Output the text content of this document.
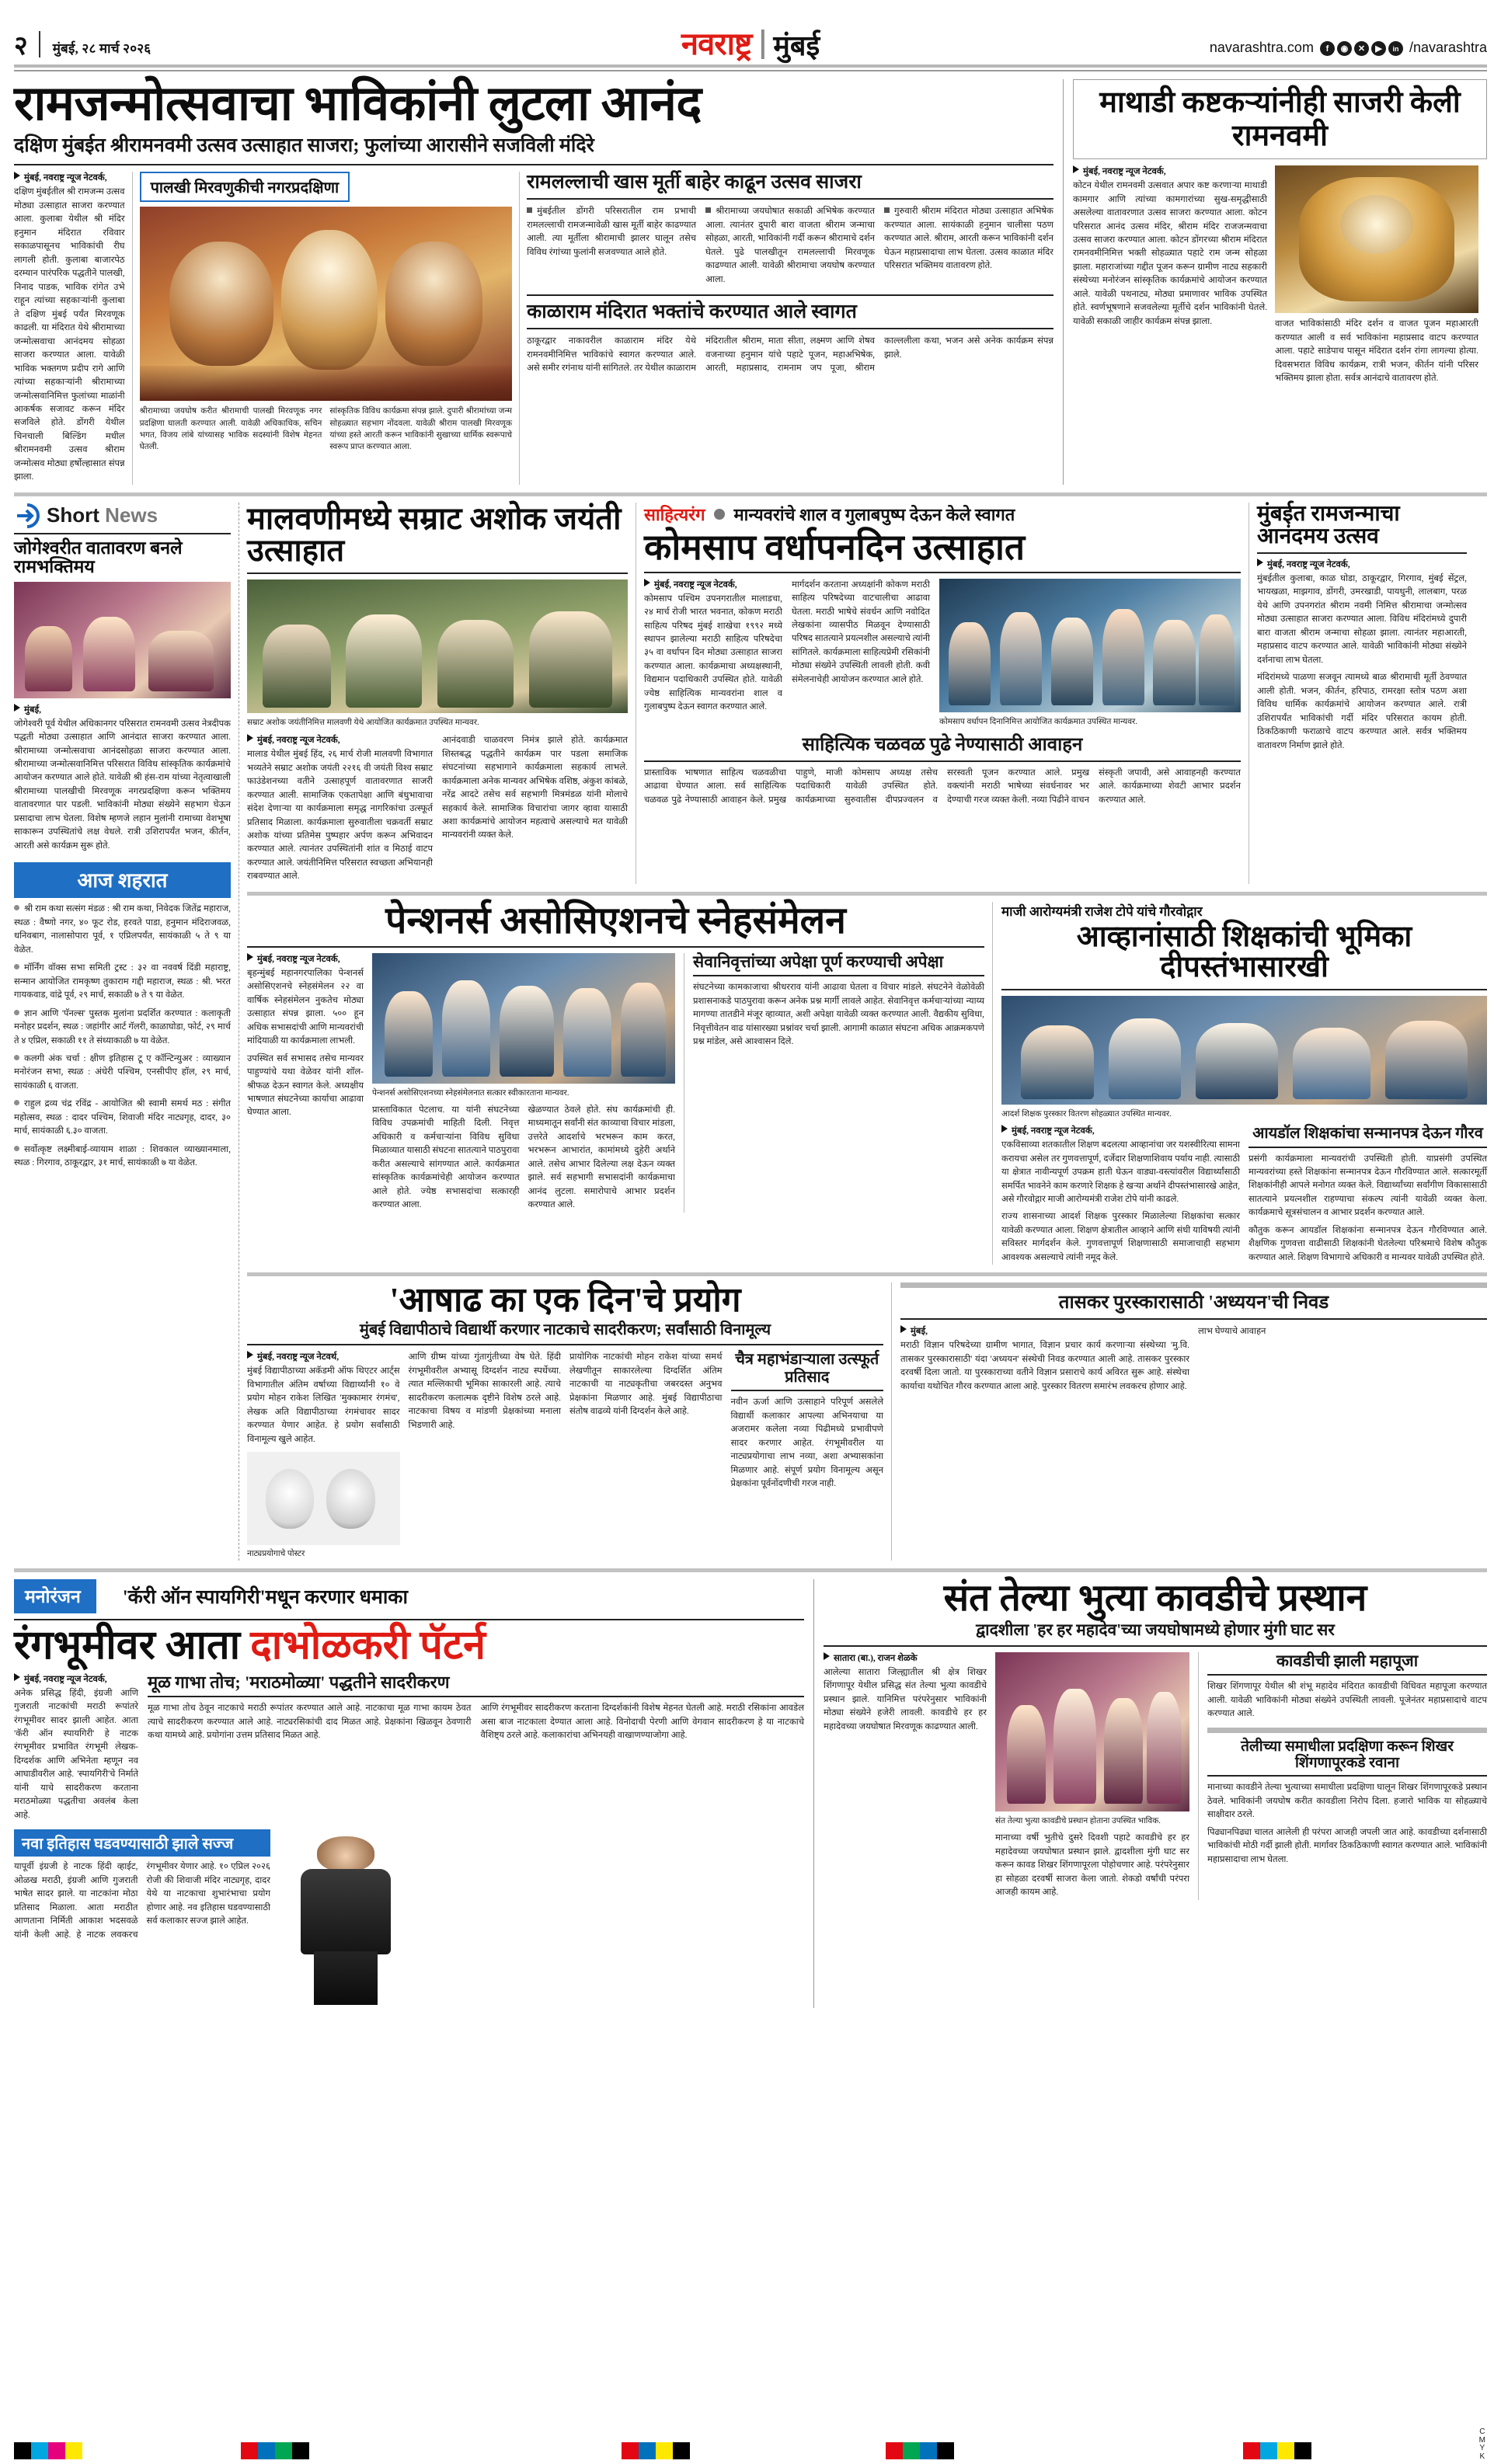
२ मुंबई, २८ मार्च २०२६	नवराष्ट्र मुंबई	navarashtra.com	f	◉	✕	▶	in /navarashtra
रामजन्मोत्सवाचा भाविकांनी लुटला आनंद
दक्षिण मुंबईत श्रीरामनवमी उत्सव उत्साहात साजरा; फुलांच्या आरासीने सजविली मंदिरे
मुंबई, नवराष्ट्र न्यूज नेटवर्क,
दक्षिण मुंबईतील श्री रामजन्म उत्सव मोठ्या उत्साहात साजरा करण्यात आला. कुलाबा येथील श्री मंदिर हनुमान मंदिरात रविवार सकाळपासूनच भाविकांची रीघ लागली होती. कुलाबा बाजारपेठ दरम्यान पारंपरिक पद्धतीने पालखी, निनाद पाडक, भाविक रांगेत उभे राहून त्यांच्या सहकाऱ्यांनी कुलाबा ते दक्षिण मुंबई पर्यंत मिरवणूक काढली. या मंदिरात येथे श्रीरामाच्या जन्मोत्सवाचा आनंदमय सोहळा साजरा करण्यात आला. यावेळी भाविक भक्तगण प्रदीप रागे आणि त्यांच्या सहकाऱ्यांनी श्रीरामाच्या जन्मोत्सवानिमित्त फुलांच्या माळांनी आकर्षक सजावट करून मंदिर सजविले होते. डोंगरी येथील चिनचाली बिल्डिंग मधील श्रीरामनवमी उत्सव श्रीराम जन्मोत्सव मोठ्या हर्षोल्हासात संपन्न झाला.
पालखी मिरवणुकीची नगरप्रदक्षिणा
श्रीरामाच्या जयघोष करीत श्रीरामाची पालखी मिरवणूक नगर प्रदक्षिणा घालती करण्यात आली. यावेळी अधिकाधिक, सचिन भगत, विजय लांबे यांच्यासह भाविक सदस्यांनी विशेष मेहनत घेतली.
सांस्कृतिक विविध कार्यक्रमा संपन्न झाले. दुपारी श्रीरामांच्या जन्म सोहळ्यात सहभाग नोंदवला. यावेळी श्रीराम पालखी मिरवणूक यांच्या हस्ते आरती करून भाविकांनी सुखाच्या धार्मिक स्वरूपाचे स्वरूप प्राप्त करण्यात आला.
रामलल्लाची खास मूर्ती बाहेर काढून उत्सव साजरा
मुंबईतील डोंगरी परिसरातील राम प्रभाची रामलल्लाची रामजन्मावेळी खास मूर्ती बाहेर काढण्यात आली. त्या मूर्तीला श्रीरामाची झालर घालून तसेच विविध रंगांच्या फुलांनी सजवण्यात आले होते.
श्रीरामाच्या जयघोषात सकाळी अभिषेक करण्यात आला. त्यानंतर दुपारी बारा वाजता श्रीराम जन्माचा सोहळा, आरती, भाविकांनी गर्दी करून श्रीरामाचे दर्शन घेतले. पुढे पालखीतून रामलल्लाची मिरवणूक काढण्यात आली. यावेळी श्रीरामाचा जयघोष करण्यात आला.
गुरुवारी श्रीराम मंदिरात मोठ्या उत्साहात अभिषेक करण्यात आला. सायंकाळी हनुमान चालीसा पठण करण्यात आले. श्रीराम, आरती करून भाविकांनी दर्शन घेऊन महाप्रसादाचा लाभ घेतला. उत्सव काळात मंदिर परिसरात भक्तिमय वातावरण होते.
काळाराम मंदिरात भक्तांचे करण्यात आले स्वागत
ठाकूरद्वार नाकावरील काळाराम मंदिर येथे रामनवमीनिमित्त भाविकांचे स्वागत करण्यात आले. असे समीर रगंनाथ यांनी सांगितले. तर येथील काळाराम मंदिरातील श्रीराम, माता सीता, लक्ष्मण आणि शेषव वजनाच्या हनुमान यांचे पहाटे पूजन, महाअभिषेक, आरती, महाप्रसाद, रामनाम जप पूजा, श्रीराम काल्ललीला कथा, भजन असे अनेक कार्यक्रम संपन्न झाले.
माथाडी कष्टकऱ्यांनीही साजरी केली रामनवमी
मुंबई, नवराष्ट्र न्यूज नेटवर्क,
कोटन येथील रामनवमी उत्सवात अपार कष्ट करणाऱ्या माथाडी कामगार आणि त्यांच्या कामगारांच्या सुख-समृद्धीसाठी असलेल्या वातावरणात उत्सव साजरा करण्यात आला. कोटन परिसरात आनंद उत्सव मंदिर, श्रीराम मंदिर राजजन्मवाचा उत्सव साजरा करण्यात आला. कोटन डोंगरच्या श्रीराम मंदिरात रामनवमीनिमित्त भक्ती सोहळ्यात पहाटे राम जन्म सोहळा झाला. महाराजांच्या गद्दीत पूजन करून ग्रामीण नाट्य सहकारी संस्थेच्या मनोरंजन सांस्कृतिक कार्यक्रमांचे आयोजन करण्यात आले. यावेळी पथनाट्य, मोठ्या प्रमाणावर भाविक उपस्थित होते. स्वर्णभूषणाने सजवलेल्या मूर्तीचे दर्शन भाविकांनी घेतले. यावेळी सकाळी जाहीर कार्यक्रम संपन्न झाला.	वाजत भाविकांसाठी मंदिर दर्शन व वाजत पूजन महाआरती करण्यात आली व सर्व भाविकांना महाप्रसाद वाटप करण्यात आला. पहाटे साडेपाच पासून मंदिरात दर्शन रांगा लागल्या होत्या. दिवसभरात विविध कार्यक्रम, रात्री भजन, कीर्तन यांनी परिसर भक्तिमय झाला होता. सर्वत्र आनंदाचे वातावरण होते.
Short News
जोगेश्वरीत वातावरण बनले रामभक्तिमय
मुंबई,
जोगेश्वरी पूर्व येथील अधिकानगर परिसरात रामनवमी उत्सव नेत्रदीपक पद्धती मोठ्या उत्साहात आणि आनंदात साजरा करण्यात आला. श्रीरामाच्या जन्मोत्सवाचा आनंदसोहळा साजरा करण्यात आला. श्रीरामाच्या जन्मोत्सवानिमित्त परिसरात विविध सांस्कृतिक कार्यक्रमांचे आयोजन करण्यात आले होते. यावेळी श्री हंस-राम यांच्या नेतृत्वाखाली श्रीरामाच्या पालखीची मिरवणूक नगरप्रदक्षिणा करून भक्तिमय वातावरणात पार पडली. भाविकांनी मोठ्या संख्येने सहभाग घेऊन प्रसादाचा लाभ घेतला. विशेष म्हणजे लहान मुलांनी रामाच्या वेशभूषा साकारून उपस्थितांचे लक्ष वेधले. रात्री उशिरापर्यंत भजन, कीर्तन, आरती असे कार्यक्रम सुरू होते.
आज शहरात
श्री राम कथा सत्संग मंडळ : श्री राम कथा, निवेदक जितेंद्र महाराज, स्थळ : वैष्णो नगर, ४० फूट रोड, हरवते पाडा, हनुमान मंदिराजवळ, धनिवबाग, नालासोपारा पूर्व, १ एप्रिलपर्यंत, सायंकाळी ५ ते ९ या वेळेत.
मॉर्निंग वॉक्स सभा समिती ट्रस्ट : ३२ वा नववर्ष दिंडी महाराष्ट्र, सन्मान आयोजित रामकृष्ण तुकाराम गद्दी महाराज, स्थळ : श्री. भरत गायकवाड, वांद्रे पूर्व, २९ मार्च, सकाळी ७ ते ९ या वेळेत.
ज्ञान आणि 'पॅनल्स' पुस्तक मुलांना प्रदर्शित करण्यात : कलाकृती मनोहर प्रदर्शन, स्थळ : जहांगीर आर्ट गॅलरी, काळाघोडा, फोर्ट, २९ मार्च ते ४ एप्रिल, सकाळी ११ ते संध्याकाळी ७ या वेळेत.
कलगी अंक चर्चा : क्षीण इतिहास टू ए कॉन्टिन्युअर : व्याख्यान मनोरंजन सभा, स्थळ : अंधेरी पश्चिम, एनसीपीए हॉल, २९ मार्च, सायंकाळी ६ वाजता.
राहुल द्रव्य चंद्र रविंद्र - आयोजित श्री स्वामी समर्थ मठ : संगीत महोत्सव, स्थळ : दादर पश्चिम, शिवाजी मंदिर नाट्यगृह, दादर, ३० मार्च, सायंकाळी ६.३० वाजता.
सर्वोत्कृष्ट लक्ष्मीबाई-व्यायाम शाळा : शिवकाल व्याख्यानमाला, स्थळ : गिरगाव, ठाकूरद्वार, ३१ मार्च, सायंकाळी ७ या वेळेत.
मालवणीमध्ये सम्राट अशोक जयंती उत्साहात
सम्राट अशोक जयंतीनिमित्त मालवणी येथे आयोजित कार्यक्रमात उपस्थित मान्यवर.
मुंबई, नवराष्ट्र न्यूज नेटवर्क,
मालाड येथील मुंबई हिंद, २६ मार्च रोजी मालवणी विभागात भव्यतेने सम्राट अशोक जयंती २२१६ वी जयंती विश्व सम्राट फाउंडेशनच्या वतीने उत्साहपूर्ण वातावरणात साजरी करण्यात आली. सामाजिक एकतापेक्षा आणि बंधुभावाचा संदेश देणाऱ्या या कार्यक्रमाला समृद्ध नागरिकांचा उत्स्फूर्त प्रतिसाद मिळाला. कार्यक्रमाला सुरुवातीला चक्रवर्ती सम्राट अशोक यांच्या प्रतिमेस पुष्पहार अर्पण करून अभिवादन करण्यात आले. त्यानंतर उपस्थितांनी शांत व मिठाई वाटप करण्यात आले. जयंतीनिमित्त परिसरात स्वच्छता अभियानही राबवण्यात आले.
आनंदवाडी चाळवरण निमंत्र झाले होते. कार्यक्रमात शिस्तबद्ध पद्धतीने कार्यक्रम पार पडला समाजिक संघटनांच्या सहभागाने कार्यक्रमाला सहकार्य लाभले. कार्यक्रमाला अनेक मान्यवर अभिषेक वशिष्ठ, अंकुश कांबळे, नरेंद्र आदटे तसेच सर्व सहभागी मित्रमंडळ यांनी मोलाचे सहकार्य केले. सामाजिक विचारांचा जागर व्हावा यासाठी अशा कार्यक्रमांचे आयोजन महत्वाचे असल्याचे मत यावेळी मान्यवरांनी व्यक्त केले.
साहित्यरंग मान्यवरांचे शाल व गुलाबपुष्प देऊन केले स्वागत
कोमसाप वर्धापनदिन उत्साहात
मुंबई, नवराष्ट्र न्यूज नेटवर्क,
कोमसाप पश्चिम उपनगरातील मालाडचा, २४ मार्च रोजी भारत भवनात, कोकण मराठी साहित्य परिषद मुंबई शाखेचा १९९२ मध्ये स्थापन झालेल्या मराठी साहित्य परिषदेचा ३५ वा वर्धापन दिन मोठ्या उत्साहात साजरा करण्यात आला. कार्यक्रमाचा अध्यक्षस्थानी, विद्यमान पदाधिकारी उपस्थित होते. यावेळी ज्येष्ठ साहित्यिक मान्यवरांना शाल व गुलाबपुष्प देऊन स्वागत करण्यात आले.
मार्गदर्शन करताना अध्यक्षांनी कोकण मराठी साहित्य परिषदेच्या वाटचालीचा आढावा घेतला. मराठी भाषेचे संवर्धन आणि नवोदित लेखकांना व्यासपीठ मिळवून देण्यासाठी परिषद सातत्याने प्रयत्नशील असल्याचे त्यांनी सांगितले. कार्यक्रमाला साहित्यप्रेमी रसिकांनी मोठ्या संख्येने उपस्थिती लावली होती. कवी संमेलनाचेही आयोजन करण्यात आले होते.
कोमसाप वर्धापन दिनानिमित्त आयोजित कार्यक्रमात उपस्थित मान्यवर.
साहित्यिक चळवळ पुढे नेण्यासाठी आवाहन
प्रास्ताविक भाषणात साहित्य चळवळीचा आढावा घेण्यात आला. सर्व साहित्यिक चळवळ पुढे नेण्यासाठी आवाहन केले. प्रमुख पाहुणे, माजी कोमसाप अध्यक्ष तसेच पदाधिकारी यावेळी उपस्थित होते. कार्यक्रमाच्या सुरुवातीस दीपप्रज्वलन व सरस्वती पूजन करण्यात आले. प्रमुख वक्त्यांनी मराठी भाषेच्या संवर्धनावर भर देण्याची गरज व्यक्त केली. नव्या पिढीने वाचन संस्कृती जपावी, असे आवाहनही करण्यात आले. कार्यक्रमाच्या शेवटी आभार प्रदर्शन करण्यात आले.
मुंबईत रामजन्माचा आनंदमय उत्सव
मुंबई, नवराष्ट्र न्यूज नेटवर्क,
मुंबईतील कुलाबा, काळ घोडा, ठाकूरद्वार, गिरगाव, मुंबई सेंट्रल, भायखळा, माझगाव, डोंगरी, उमरखाडी, पायधुनी, लालबाग, परळ येथे आणि उपनगरांत श्रीराम नवमी निमित्त श्रीरामाचा जन्मोत्सव मोठ्या उत्साहात साजरा करण्यात आला. विविध मंदिरांमध्ये दुपारी बारा वाजता श्रीराम जन्माचा सोहळा झाला. त्यानंतर महाआरती, महाप्रसाद वाटप करण्यात आले. यावेळी भाविकांनी मोठ्या संख्येने दर्शनाचा लाभ घेतला.
मंदिरांमध्ये पाळणा सजवून त्यामध्ये बाळ श्रीरामाची मूर्ती ठेवण्यात आली होती. भजन, कीर्तन, हरिपाठ, रामरक्षा स्तोत्र पठण अशा विविध धार्मिक कार्यक्रमांचे आयोजन करण्यात आले. रात्री उशिरापर्यंत भाविकांची गर्दी मंदिर परिसरात कायम होती. ठिकठिकाणी फराळाचे वाटप करण्यात आले. सर्वत्र भक्तिमय वातावरण निर्माण झाले होते.
पेन्शनर्स असोसिएशनचे स्नेहसंमेलन
मुंबई, नवराष्ट्र न्यूज नेटवर्क,
बृहन्मुंबई महानगरपालिका पेन्शनर्स असोसिएशनचे स्नेहसंमेलन २२ वा वार्षिक स्नेहसंमेलन नुकतेच मोठ्या उत्साहात संपन्न झाला. ५०० हून अधिक सभासदांची आणि मान्यवरांची मांदियाळी या कार्यक्रमाला लाभली.
उपस्थित सर्व सभासद तसेच मान्यवर पाहुण्यांचे यथा वेळेवर यांनी शॉल-श्रीफळ देऊन स्वागत केले. अध्यक्षीय भाषणात संघटनेच्या कार्याचा आढावा घेण्यात आला.
पेन्शनर्स असोसिएशनच्या स्नेहसंमेलनात सत्कार स्वीकारताना मान्यवर.
प्रास्ताविकात पेटलाच. या यांनी संघटनेच्या विविध उपक्रमांची माहिती दिली. निवृत्त अधिकारी व कर्मचाऱ्यांना विविध सुविधा मिळाव्यात यासाठी संघटना सातत्याने पाठपुरावा करीत असल्याचे सांगण्यात आले. कार्यक्रमात सांस्कृतिक कार्यक्रमांचेही आयोजन करण्यात आले होते. ज्येष्ठ सभासदांचा सत्कारही करण्यात आला.
खेळण्यात ठेवले होते. संघ कार्यक्रमांची ही. माध्यमातून सर्वांनी संत काव्याचा विचार मांडला, उत्तरेते आदर्शाचे भरभरून काम करत, भरभरून आभारांत, कामांमध्ये दुहेरी अर्थाने आले. तसेच आभार दिलेल्या लक्ष देऊन व्यक्त झाले. सर्व सहभागी सभासदांनी कार्यक्रमाचा आनंद लुटला. समारोपाचे आभार प्रदर्शन करण्यात आले.
सेवानिवृत्तांच्या अपेक्षा पूर्ण करण्याची अपेक्षा
संघटनेच्या कामकाजाचा श्रीधरराव यांनी आढावा घेतला व विचार मांडले. संघटनेने वेळोवेळी प्रशासनाकडे पाठपुरावा करून अनेक प्रश्न मार्गी लावले आहेत. सेवानिवृत्त कर्मचाऱ्यांच्या न्याय्य मागण्या तातडीने मंजूर व्हाव्यात, अशी अपेक्षा यावेळी व्यक्त करण्यात आली. वैद्यकीय सुविधा, निवृत्तीवेतन वाढ यांसारख्या प्रश्नांवर चर्चा झाली. आगामी काळात संघटना अधिक आक्रमकपणे प्रश्न मांडेल, असे आश्वासन दिले.
माजी आरोग्यमंत्री राजेश टोपे यांचे गौरवोद्गार
आव्हानांसाठी शिक्षकांची भूमिका दीपस्तंभासारखी
आदर्श शिक्षक पुरस्कार वितरण सोहळ्यात उपस्थित मान्यवर.
मुंबई, नवराष्ट्र न्यूज नेटवर्क,
एकविसाव्या शतकातील शिक्षण बदलत्या आव्हानांचा जर यशस्वीरित्या सामना करायचा असेल तर गुणवत्तापूर्ण, दर्जेदार शिक्षणाशिवाय पर्याय नाही. त्यासाठी या क्षेत्रात नावीन्यपूर्ण उपक्रम हाती घेऊन वाड्या-वस्त्यांवरील विद्यार्थ्यांसाठी समर्पित भावनेने काम करणारे शिक्षक हे खऱ्या अर्थाने दीपस्तंभासारखे आहेत, असे गौरवोद्गार माजी आरोग्यमंत्री राजेश टोपे यांनी काढले.
राज्य शासनाच्या आदर्श शिक्षक पुरस्कार मिळालेल्या शिक्षकांचा सत्कार यावेळी करण्यात आला. शिक्षण क्षेत्रातील आव्हाने आणि संधी याविषयी त्यांनी सविस्तर मार्गदर्शन केले. गुणवत्तापूर्ण शिक्षणासाठी समाजाचाही सहभाग आवश्यक असल्याचे त्यांनी नमूद केले.
आयडॉल शिक्षकांचा सन्मानपत्र देऊन गौरव
प्रसंगी कार्यक्रमाला मान्यवरांची उपस्थिती होती. याप्रसंगी उपस्थित मान्यवरांच्या हस्ते शिक्षकांना सन्मानपत्र देऊन गौरविण्यात आले. सत्कारमूर्ती शिक्षकांनीही आपले मनोगत व्यक्त केले. विद्यार्थ्यांच्या सर्वांगीण विकासासाठी सातत्याने प्रयत्नशील राहण्याचा संकल्प त्यांनी यावेळी व्यक्त केला. कार्यक्रमाचे सूत्रसंचालन व आभार प्रदर्शन करण्यात आले.
कौतुक करून आयडॉल शिक्षकांना सन्मानपत्र देऊन गौरविण्यात आले. शैक्षणिक गुणवत्ता वाढीसाठी शिक्षकांनी घेतलेल्या परिश्रमाचे विशेष कौतुक करण्यात आले. शिक्षण विभागाचे अधिकारी व मान्यवर यावेळी उपस्थित होते.
'आषाढ का एक दिन'चे प्रयोग
मुंबई विद्यापीठाचे विद्यार्थी करणार नाटकाचे सादरीकरण; सर्वांसाठी विनामूल्य
मुंबई, नवराष्ट्र न्यूज नेटवर्थ,
मुंबई विद्यापीठाच्या अकॅडमी ऑफ थिएटर आर्ट्स विभागातील अंतिम वर्षाच्या विद्यार्थ्यांनी १० वे प्रयोग मोहन राकेश लिखित 'मुक्कामार रंगमंच', लेखक अति विद्यापीठाच्या रंगमंचावर सादर करण्यात येणार आहेत. हे प्रयोग सर्वांसाठी विनामूल्य खुले आहेत.
नाट्यप्रयोगाचे पोस्टर
आणि ग्रीष्म यांच्या गुंतागुंतीच्या वेष घेते. हिंदी रंगभूमीवरील अभ्यासू दिग्दर्शन नाट्य स्पर्धेच्या. त्यात मल्लिकाची भूमिका साकारली आहे. त्याचे सादरीकरण कलात्मक दृष्टीने विशेष ठरले आहे. नाटकाचा विषय व मांडणी प्रेक्षकांच्या मनाला भिडणारी आहे.
प्रायोगिक नाटकांची मोहन राकेश यांच्या समर्थ लेखणीतून साकारलेल्या दिग्दर्शित अंतिम नाटकाची या नाट्यकृतीचा जबरदस्त अनुभव प्रेक्षकांना मिळणार आहे. मुंबई विद्यापीठाचा संतोष वाढव्ये यांनी दिग्दर्शन केले आहे.
चैत्र महाभंडाऱ्याला उत्स्फूर्त प्रतिसाद
नवीन ऊर्जा आणि उत्साहाने परिपूर्ण असलेले विद्यार्थी कलाकार आपल्या अभिनयाचा या अजरामर कलेला नव्या पिढीमध्ये प्रभावीपणे सादर करणार आहेत. रंगभूमीवरील या नाट्यप्रयोगाचा लाभ नव्या, अशा अभ्यासकांना मिळणार आहे. संपूर्ण प्रयोग विनामूल्य असून प्रेक्षकांना पूर्वनोंदणीची गरज नाही.
तासकर पुरस्कारासाठी 'अध्ययन'ची निवड
मुंबई,
मराठी विज्ञान परिषदेच्या ग्रामीण भागात, विज्ञान प्रचार कार्य करणाऱ्या संस्थेच्या 'मु.वि. तासकर पुरस्कारासाठी' यंदा 'अध्ययन' संस्थेची निवड करण्यात आली आहे. तासकर पुरस्कार दरवर्षी दिला जातो. या पुरस्काराच्या वतीने विज्ञान प्रसाराचे कार्य अविरत सुरू आहे. संस्थेचा कार्याचा यथोचित गौरव करण्यात आला आहे. पुरस्कार वितरण समारंभ लवकरच होणार आहे.
लाभ घेण्याचे आवाहन
मनोरंजन	'कॅरी ऑन स्पायगिरी'मधून करणार धमाका
रंगभूमीवर आता दाभोळकरी पॅटर्न
मुंबई, नवराष्ट्र न्यूज नेटवर्क,
अनेक प्रसिद्ध हिंदी, इंग्रजी आणि गुजराती नाटकांची मराठी रूपांतरे रंगभूमीवर सादर झाली आहेत. आता 'कॅरी ऑन स्पायगिरी' हे नाटक रंगभूमीवर प्रभावित रंगभूमी लेखक-दिग्दर्शक आणि अभिनेता म्हणून नव आघाडीवरील आहे. 'स्पायगिरी'चे निर्माते यांनी याचे सादरीकरण करताना मराठमोळ्या पद्धतीचा अवलंब केला आहे.
मूळ गाभा तोच; 'मराठमोळ्या' पद्धतीने सादरीकरण
मूळ गाभा तोच ठेवून नाटकाचे मराठी रूपांतर करण्यात आले आहे. नाटकाचा मूळ गाभा कायम ठेवत त्याचे सादरीकरण करण्यात आले आहे. नाट्यरसिकांची दाद मिळत आहे. प्रेक्षकांना खिळवून ठेवणारी कथा यामध्ये आहे. प्रयोगांना उत्तम प्रतिसाद मिळत आहे.
आणि रंगभूमीवर सादरीकरण करताना दिग्दर्शकांनी विशेष मेहनत घेतली आहे. मराठी रसिकांना आवडेल असा बाज नाटकाला देण्यात आला आहे. विनोदाची पेरणी आणि वेगवान सादरीकरण हे या नाटकाचे वैशिष्ट्य ठरले आहे. कलाकारांचा अभिनयही वाखाणण्याजोगा आहे.
नवा इतिहास घडवण्यासाठी झाले सज्ज
यापूर्वी इंग्रजी हे नाटक हिंदी व्हाईट, ओळख मराठी, इंग्रजी आणि गुजराती भाषेत सादर झाले. या नाटकांना मोठा प्रतिसाद मिळाला. आता मराठीत आणताना निर्मिती आकाश भदसवळे यांनी केली आहे. हे नाटक लवकरच रंगभूमीवर येणार आहे. १० एप्रिल २०२६ रोजी की शिवाजी मंदिर नाट्यगृह, दादर येथे या नाटकाचा शुभारंभाचा प्रयोग होणार आहे. नव इतिहास घडवण्यासाठी सर्व कलाकार सज्ज झाले आहेत.
संत तेल्या भुत्या कावडीचे प्रस्थान
द्वादशीला 'हर हर महादेव'च्या जयघोषामध्ये होणार मुंगी घाट सर
सातारा (बा.), राजन शेळके
आलेल्या सातारा जिल्ह्यातील श्री क्षेत्र शिखर शिंगणापूर येथील प्रसिद्ध संत तेल्या भुत्या कावडीचे प्रस्थान झाले. यानिमित्त परंपरेनुसार भाविकांनी मोठ्या संख्येने हजेरी लावली. कावडीचे हर हर महादेवच्या जयघोषात मिरवणूक काढण्यात आली.
संत तेल्या भुत्या कावडीचे प्रस्थान होताना उपस्थित भाविक.
मानाच्या वर्षी भुतीचे दुसरे दिवशी पहाटे कावडीचे हर हर महादेवच्या जयघोषात प्रस्थान झाले. द्वादशीला मुंगी घाट सर करून कावड शिखर शिंगणापूरला पोहोचणार आहे. परंपरेनुसार हा सोहळा दरवर्षी साजरा केला जातो. शेकडो वर्षांची परंपरा आजही कायम आहे.
कावडीची झाली महापूजा
शिखर शिंगणापूर येथील श्री शंभू महादेव मंदिरात कावडीची विधिवत महापूजा करण्यात आली. यावेळी भाविकांनी मोठ्या संख्येने उपस्थिती लावली. पूजेनंतर महाप्रसादाचे वाटप करण्यात आले.
तेलीच्या समाधीला प्रदक्षिणा करून शिखर शिंगणापूरकडे रवाना
मानाच्या कावडीने तेल्या भुत्याच्या समाधीला प्रदक्षिणा घालून शिखर शिंगणापूरकडे प्रस्थान ठेवले. भाविकांनी जयघोष करीत कावडीला निरोप दिला. हजारो भाविक या सोहळ्याचे साक्षीदार ठरले.
पिढ्यानपिढ्या चालत आलेली ही परंपरा आजही जपली जात आहे. कावडीच्या दर्शनासाठी भाविकांची मोठी गर्दी झाली होती. मार्गावर ठिकठिकाणी स्वागत करण्यात आले. भाविकांनी महाप्रसादाचा लाभ घेतला.
C
M
Y
K
